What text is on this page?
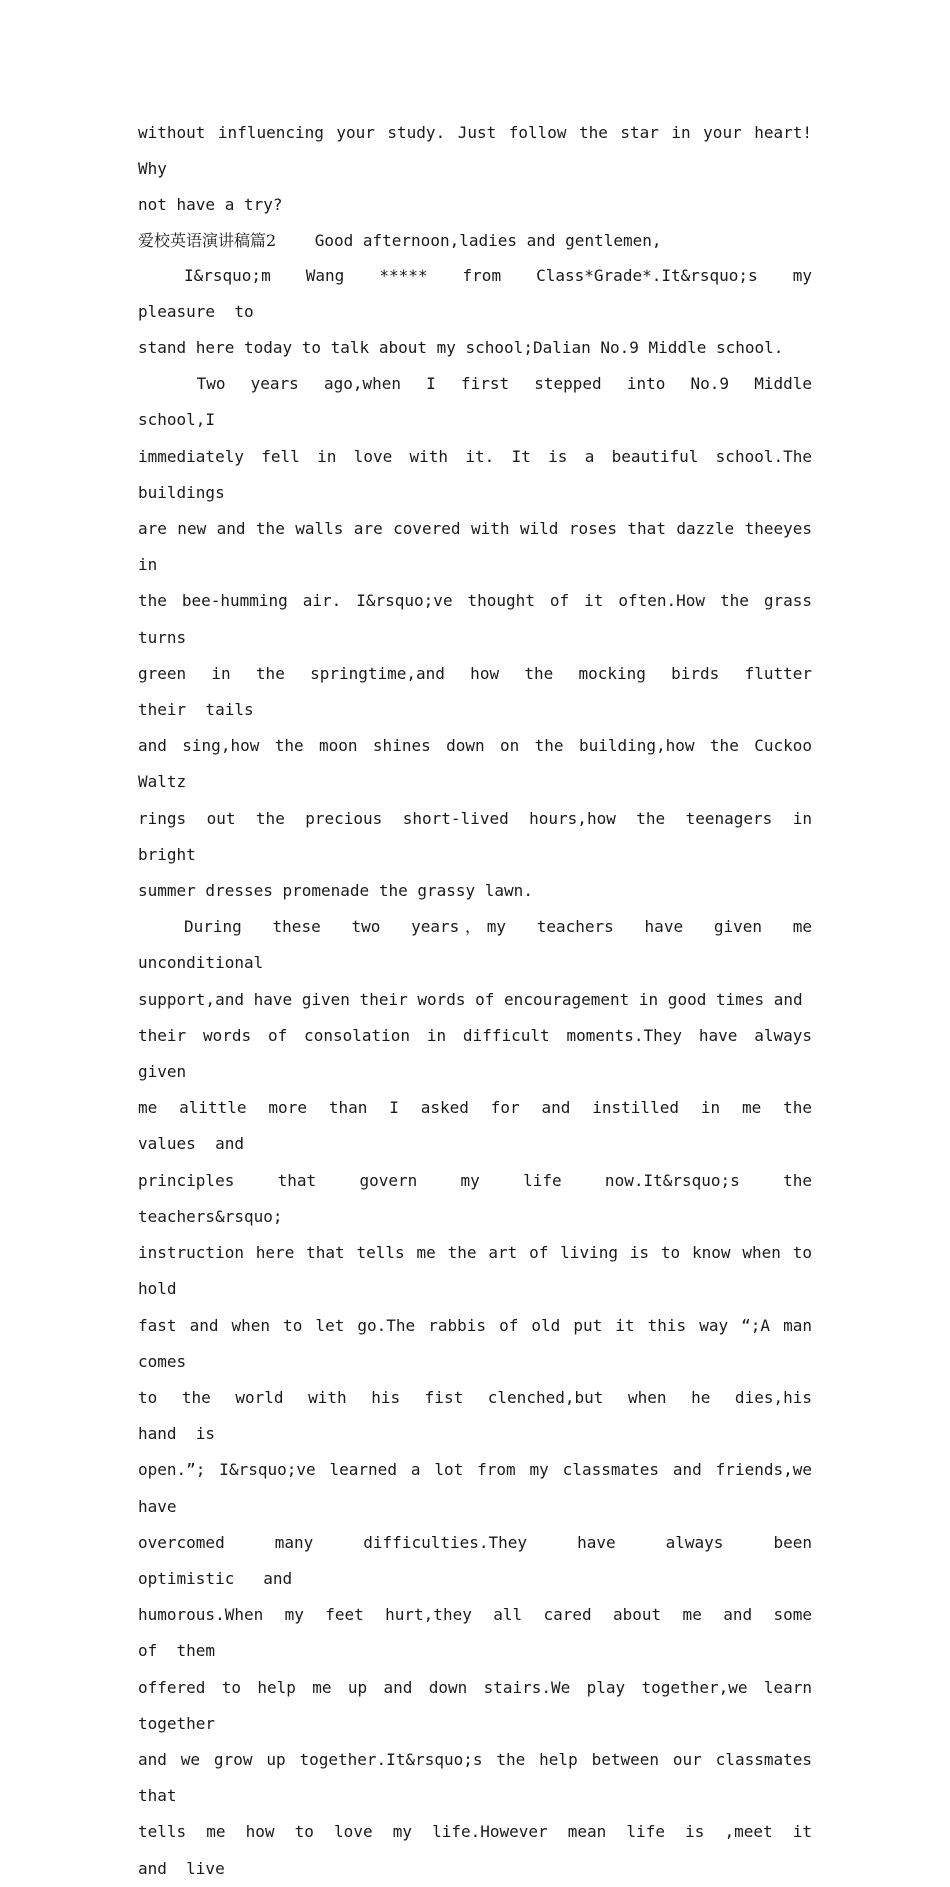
without influencing your study. Just follow the star in your heart! Why
not have a try?
爱校英语演讲稿篇2    Good afternoon,ladies and gentlemen,
I&rsquo;m  Wang  *****  from  Class*Grade*.It&rsquo;s  my  pleasure  to
stand here today to talk about my school;Dalian No.9 Middle school.
Two  years  ago,when  I  first  stepped  into  No.9  Middle  school,I
immediately fell in love with it. It is a beautiful school.The buildings
are new and the walls are covered with wild roses that dazzle theeyes in
the bee-humming air. I&rsquo;ve thought of it often.How the grass turns
green  in  the  springtime,and  how  the  mocking  birds  flutter  their  tails
and sing,how the moon shines down on the building,how the Cuckoo Waltz
rings  out  the  precious  short-lived  hours,how  the  teenagers  in  bright
summer dresses promenade the grassy lawn.
During  these  two  years，my  teachers  have  given  me  unconditional
support,and have given their words of encouragement in good times and
their words of consolation in difficult moments.They have always given
me  alittle  more  than  I  asked  for  and  instilled  in  me  the  values  and
principles   that   govern   my   life   now.It&rsquo;s   the   teachers&rsquo;
instruction here that tells me the art of living is to know when to hold
fast and when to let go.The rabbis of old put it this way “;A man comes
to  the  world  with  his  fist  clenched,but  when  he  dies,his  hand  is
open.”; I&rsquo;ve learned a lot from my classmates and friends,we have
overcomed   many   difficulties.They   have   always   been   optimistic   and
humorous.When  my  feet  hurt,they  all  cared  about  me  and  some  of  them
offered to help me up and down stairs.We play together,we learn together
and we grow up together.It&rsquo;s the help between our classmates that
tells  me  how  to  love  my  life.However  mean  life  is  ,meet  it  and  live
